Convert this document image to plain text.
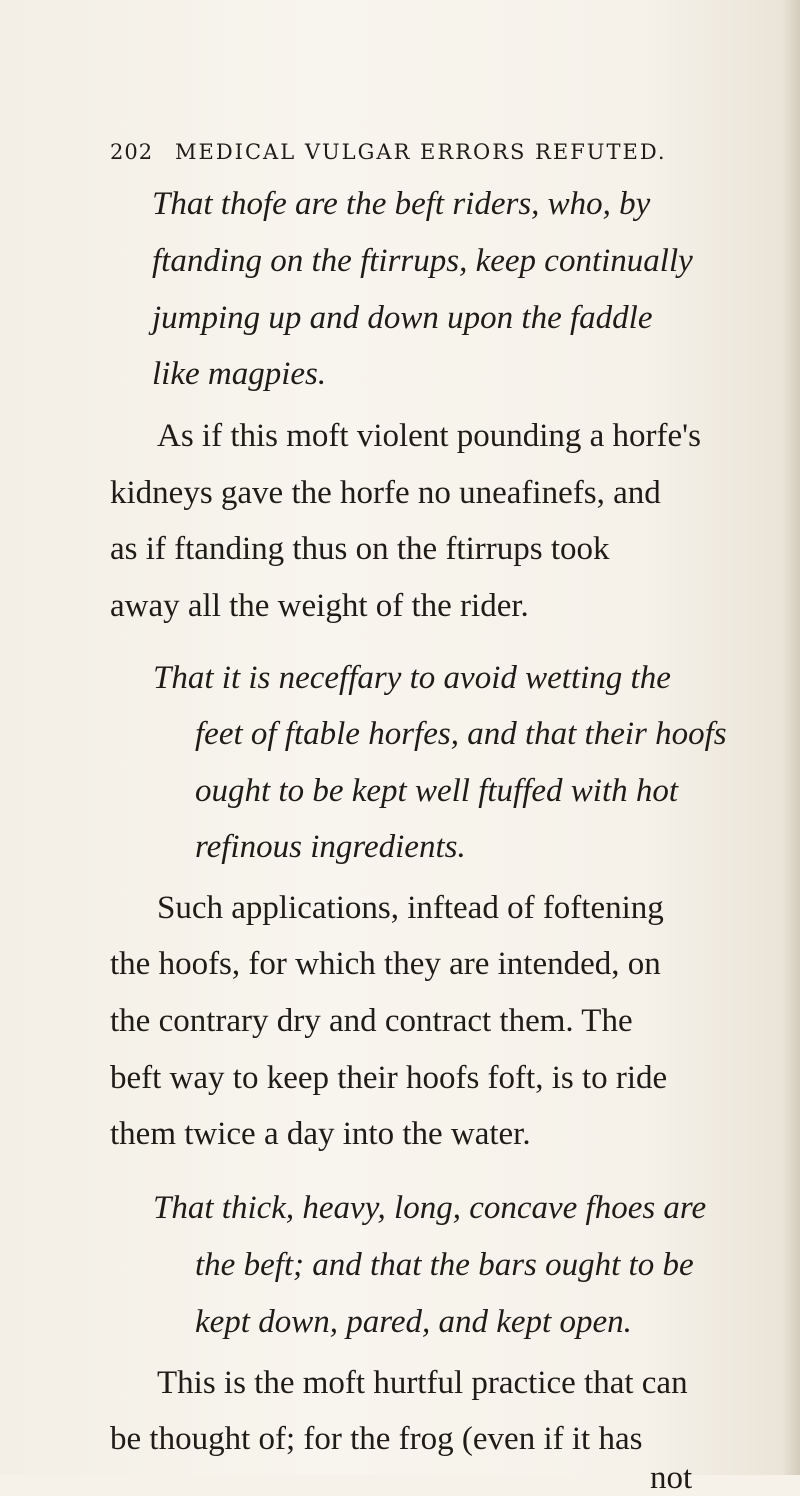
202 MEDICAL VULGAR ERRORS REFUTED.
That thofe are the beft riders, who, by
ftanding on the ftirrups, keep continually
jumping up and down upon the faddle
like magpies.
As if this moft violent pounding a horfe's
kidneys gave the horfe no uneafinefs, and
as if ftanding thus on the ftirrups took
away all the weight of the rider.
That it is neceffary to avoid wetting the
feet of ftable horfes, and that their hoofs
ought to be kept well ftuffed with hot
refinous ingredients.
Such applications, inftead of foftening
the hoofs, for which they are intended, on
the contrary dry and contract them. The
beft way to keep their hoofs foft, is to ride
them twice a day into the water.
That thick, heavy, long, concave fhoes are
the beft; and that the bars ought to be
kept down, pared, and kept open.
This is the moft hurtful practice that can
be thought of; for the frog (even if it has
not
